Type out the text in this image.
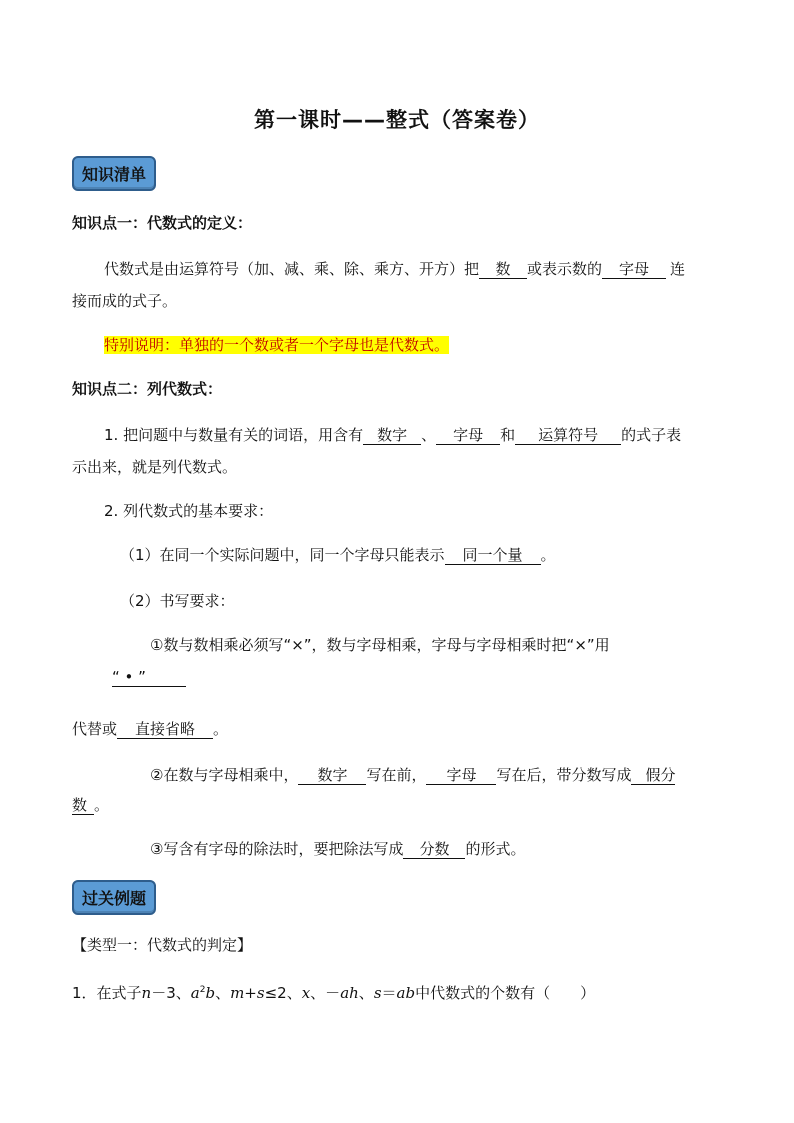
第一课时——整式（答案卷）
知识清单
知识点一：代数式的定义：
代数式是由运算符号（加、减、乘、除、乘方、开方）把 数 或表示数的 字母 连
接而成的式子。
特别说明：单独的一个数或者一个字母也是代数式。
知识点二：列代数式：
1. 把问题中与数量有关的词语，用含有 数字 、 字母 和 运算符号 的式子表
示出来，就是列代数式。
2. 列代数式的基本要求：
（1）在同一个实际问题中，同一个字母只能表示 同一个量 。
（2）书写要求：
①数与数相乘必须写“×”，数与字母相乘，字母与字母相乘时把“×”用
“ • ”
代替或 直接省略 。
②在数与字母相乘中， 数字 写在前， 字母 写在后，带分数写成 假分
数 。
③写含有字母的除法时，要把除法写成 分数 的形式。
过关例题
【类型一：代数式的判定】
1．在式子n－3、$a^2b$、m+s≤2、x、－ah、s＝ab中代数式的个数有（　　）
